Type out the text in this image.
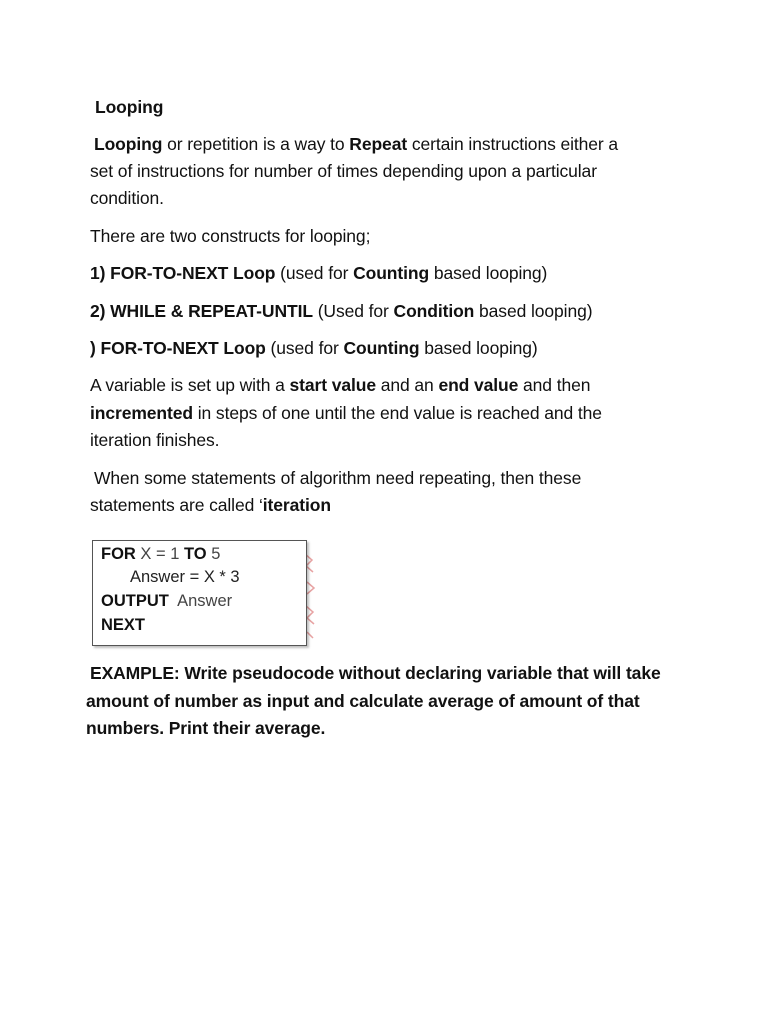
Looping
Looping or repetition is a way to Repeat certain instructions either a
set of instructions for number of times depending upon a particular
condition.
There are two constructs for looping;
1) FOR-TO-NEXT Loop (used for Counting based looping)
2) WHILE & REPEAT-UNTIL (Used for Condition based looping)
) FOR-TO-NEXT Loop (used for Counting based looping)
A variable is set up with a start value and an end value and then
incremented in steps of one until the end value is reached and the
iteration finishes.
When some statements of algorithm need repeating, then these
statements are called ‘iteration
FOR X = 1 TO 5
Answer = X * 3
OUTPUT  Answer
NEXT
EXAMPLE: Write pseudocode without declaring variable that will take
amount of number as input and calculate average of amount of that
numbers. Print their average.
